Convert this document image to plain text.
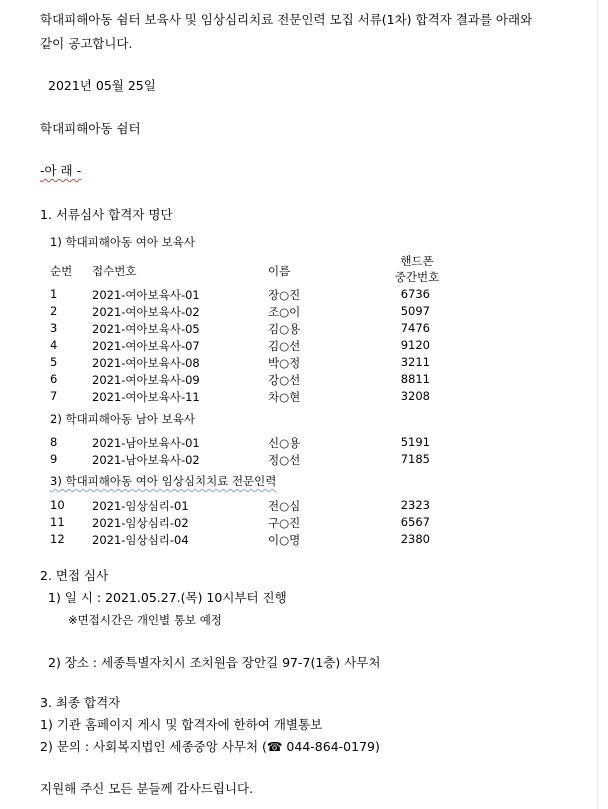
학대피해아동 쉼터 보육사 및 임상심리치료 전문인력 모집 서류(1차) 합격자 결과를 아래와
같이 공고합니다.
2021년 05월 25일
학대피해아동 쉼터
-아 래 -
1. 서류심사 합격자 명단
1) 학대피해아동 여아 보육사
순번 접수번호	이름
핸드폰
중간번호
1	2021-여아보육사-01	장○진	6736
2	2021-여아보육사-02	조○이	5097
3	2021-여아보육사-05	김○용	7476
4	2021-여아보육사-07	김○선	9120
5	2021-여아보육사-08	박○정	3211
6	2021-여아보육사-09	강○선	8811
7	2021-여아보육사-11	차○현	3208
2) 학대피해아동 남아 보육사
8	2021-남아보육사-01	신○용	5191
9	2021-남아보육사-02	정○선	7185
3) 학대피해아동 여아 임상심치치료 전문인력
10 2021-임상심리-01	전○심	2323
11 2021-임상심리-02	구○진	6567
12 2021-임상심리-04	이○명	2380
2. 면접 심사
1) 일 시 : 2021.05.27.(목) 10시부터 진행
※면접시간은 개인별 통보 예정
2) 장소 : 세종특별자치시 조치원읍 장안길 97-7(1층) 사무처
3. 최종 합격자
1) 기관 홈페이지 게시 및 합격자에 한하여 개별통보
2) 문의 : 사회복지법인 세종중앙 사무처 (☎ 044-864-0179)
지원해 주신 모든 분들께 감사드립니다.
